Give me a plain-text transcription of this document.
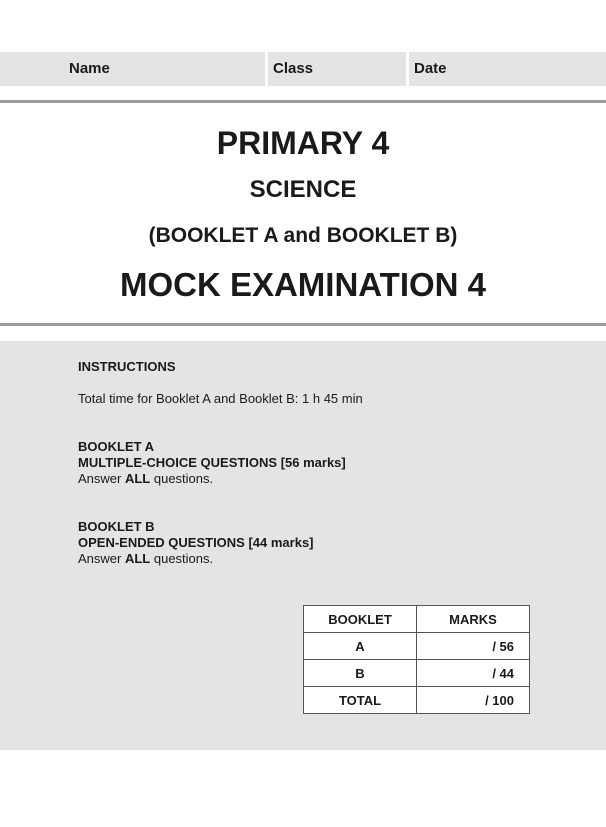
Name	Class	Date
PRIMARY 4
SCIENCE
(BOOKLET A and BOOKLET B)
MOCK EXAMINATION 4
INSTRUCTIONS
Total time for Booklet A and Booklet B: 1 h 45 min
BOOKLET A
MULTIPLE-CHOICE QUESTIONS [56 marks]
Answer ALL questions.
BOOKLET B
OPEN-ENDED QUESTIONS [44 marks]
Answer ALL questions.
BOOKLET	MARKS
A	/ 56
B	/ 44
TOTAL	/ 100
